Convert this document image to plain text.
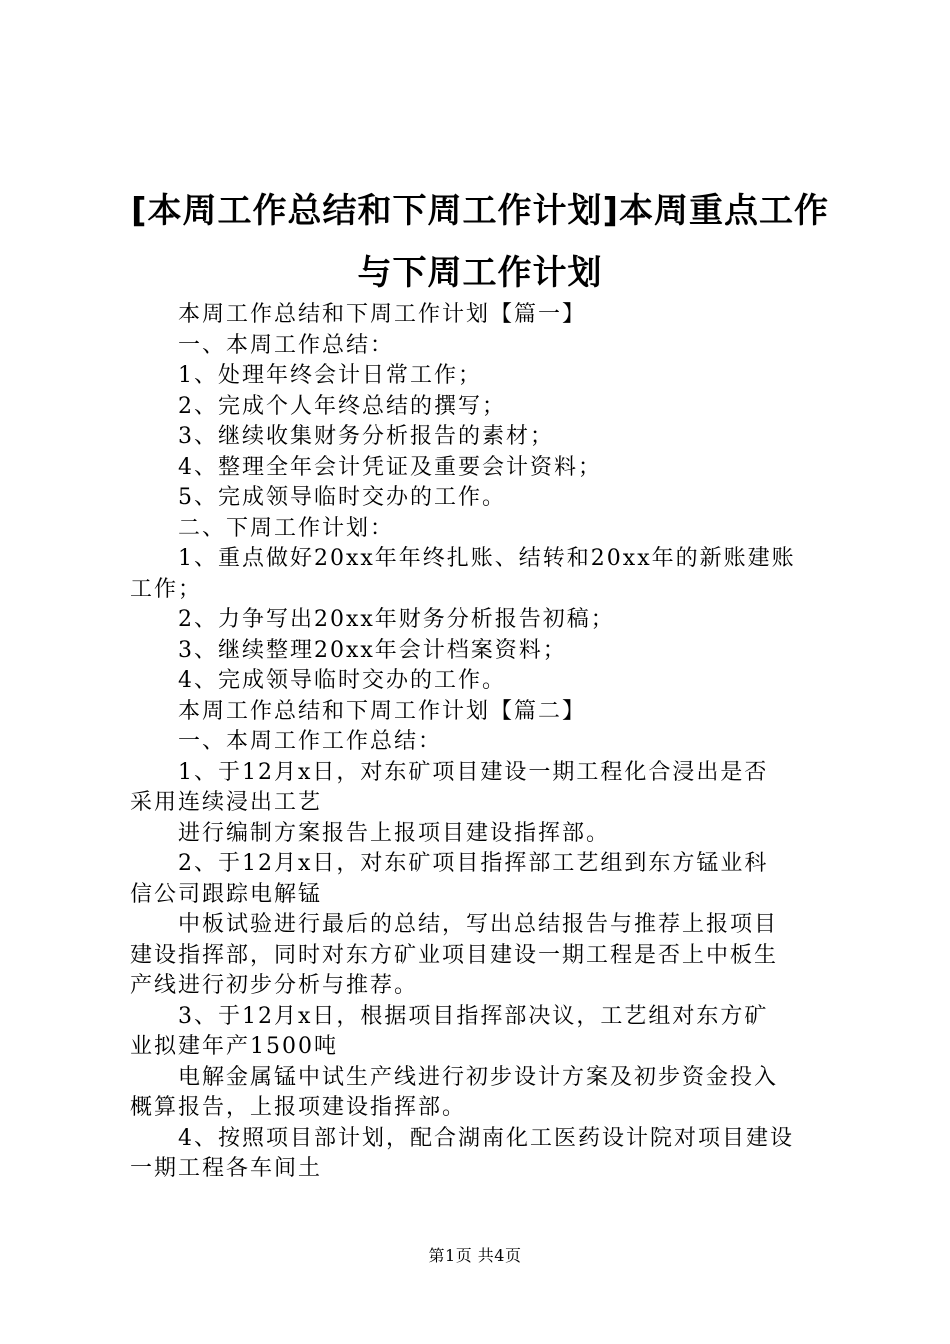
[本周工作总结和下周工作计划]本周重点工作
与下周工作计划

本周工作总结和下周工作计划【篇一】

一、本周工作总结：

1、处理年终会计日常工作；

2、完成个人年终总结的撰写；

3、继续收集财务分析报告的素材；

4、整理全年会计凭证及重要会计资料；

5、完成领导临时交办的工作。

二、下周工作计划：

1、重点做好20xx年年终扎账、结转和20xx年的新账建账

工作；

2、力争写出20xx年财务分析报告初稿；

3、继续整理20xx年会计档案资料；

4、完成领导临时交办的工作。

本周工作总结和下周工作计划【篇二】

一、本周工作工作总结：

1、于12月x日，对东矿项目建设一期工程化合浸出是否

采用连续浸出工艺

进行编制方案报告上报项目建设指挥部。

2、于12月x日，对东矿项目指挥部工艺组到东方锰业科

信公司跟踪电解锰

中板试验进行最后的总结，写出总结报告与推荐上报项目

建设指挥部，同时对东方矿业项目建设一期工程是否上中板生

产线进行初步分析与推荐。

3、于12月x日，根据项目指挥部决议，工艺组对东方矿

业拟建年产1500吨

电解金属锰中试生产线进行初步设计方案及初步资金投入

概算报告，上报项建设指挥部。

4、按照项目部计划，配合湖南化工医药设计院对项目建设

一期工程各车间土

第1页 共4页
